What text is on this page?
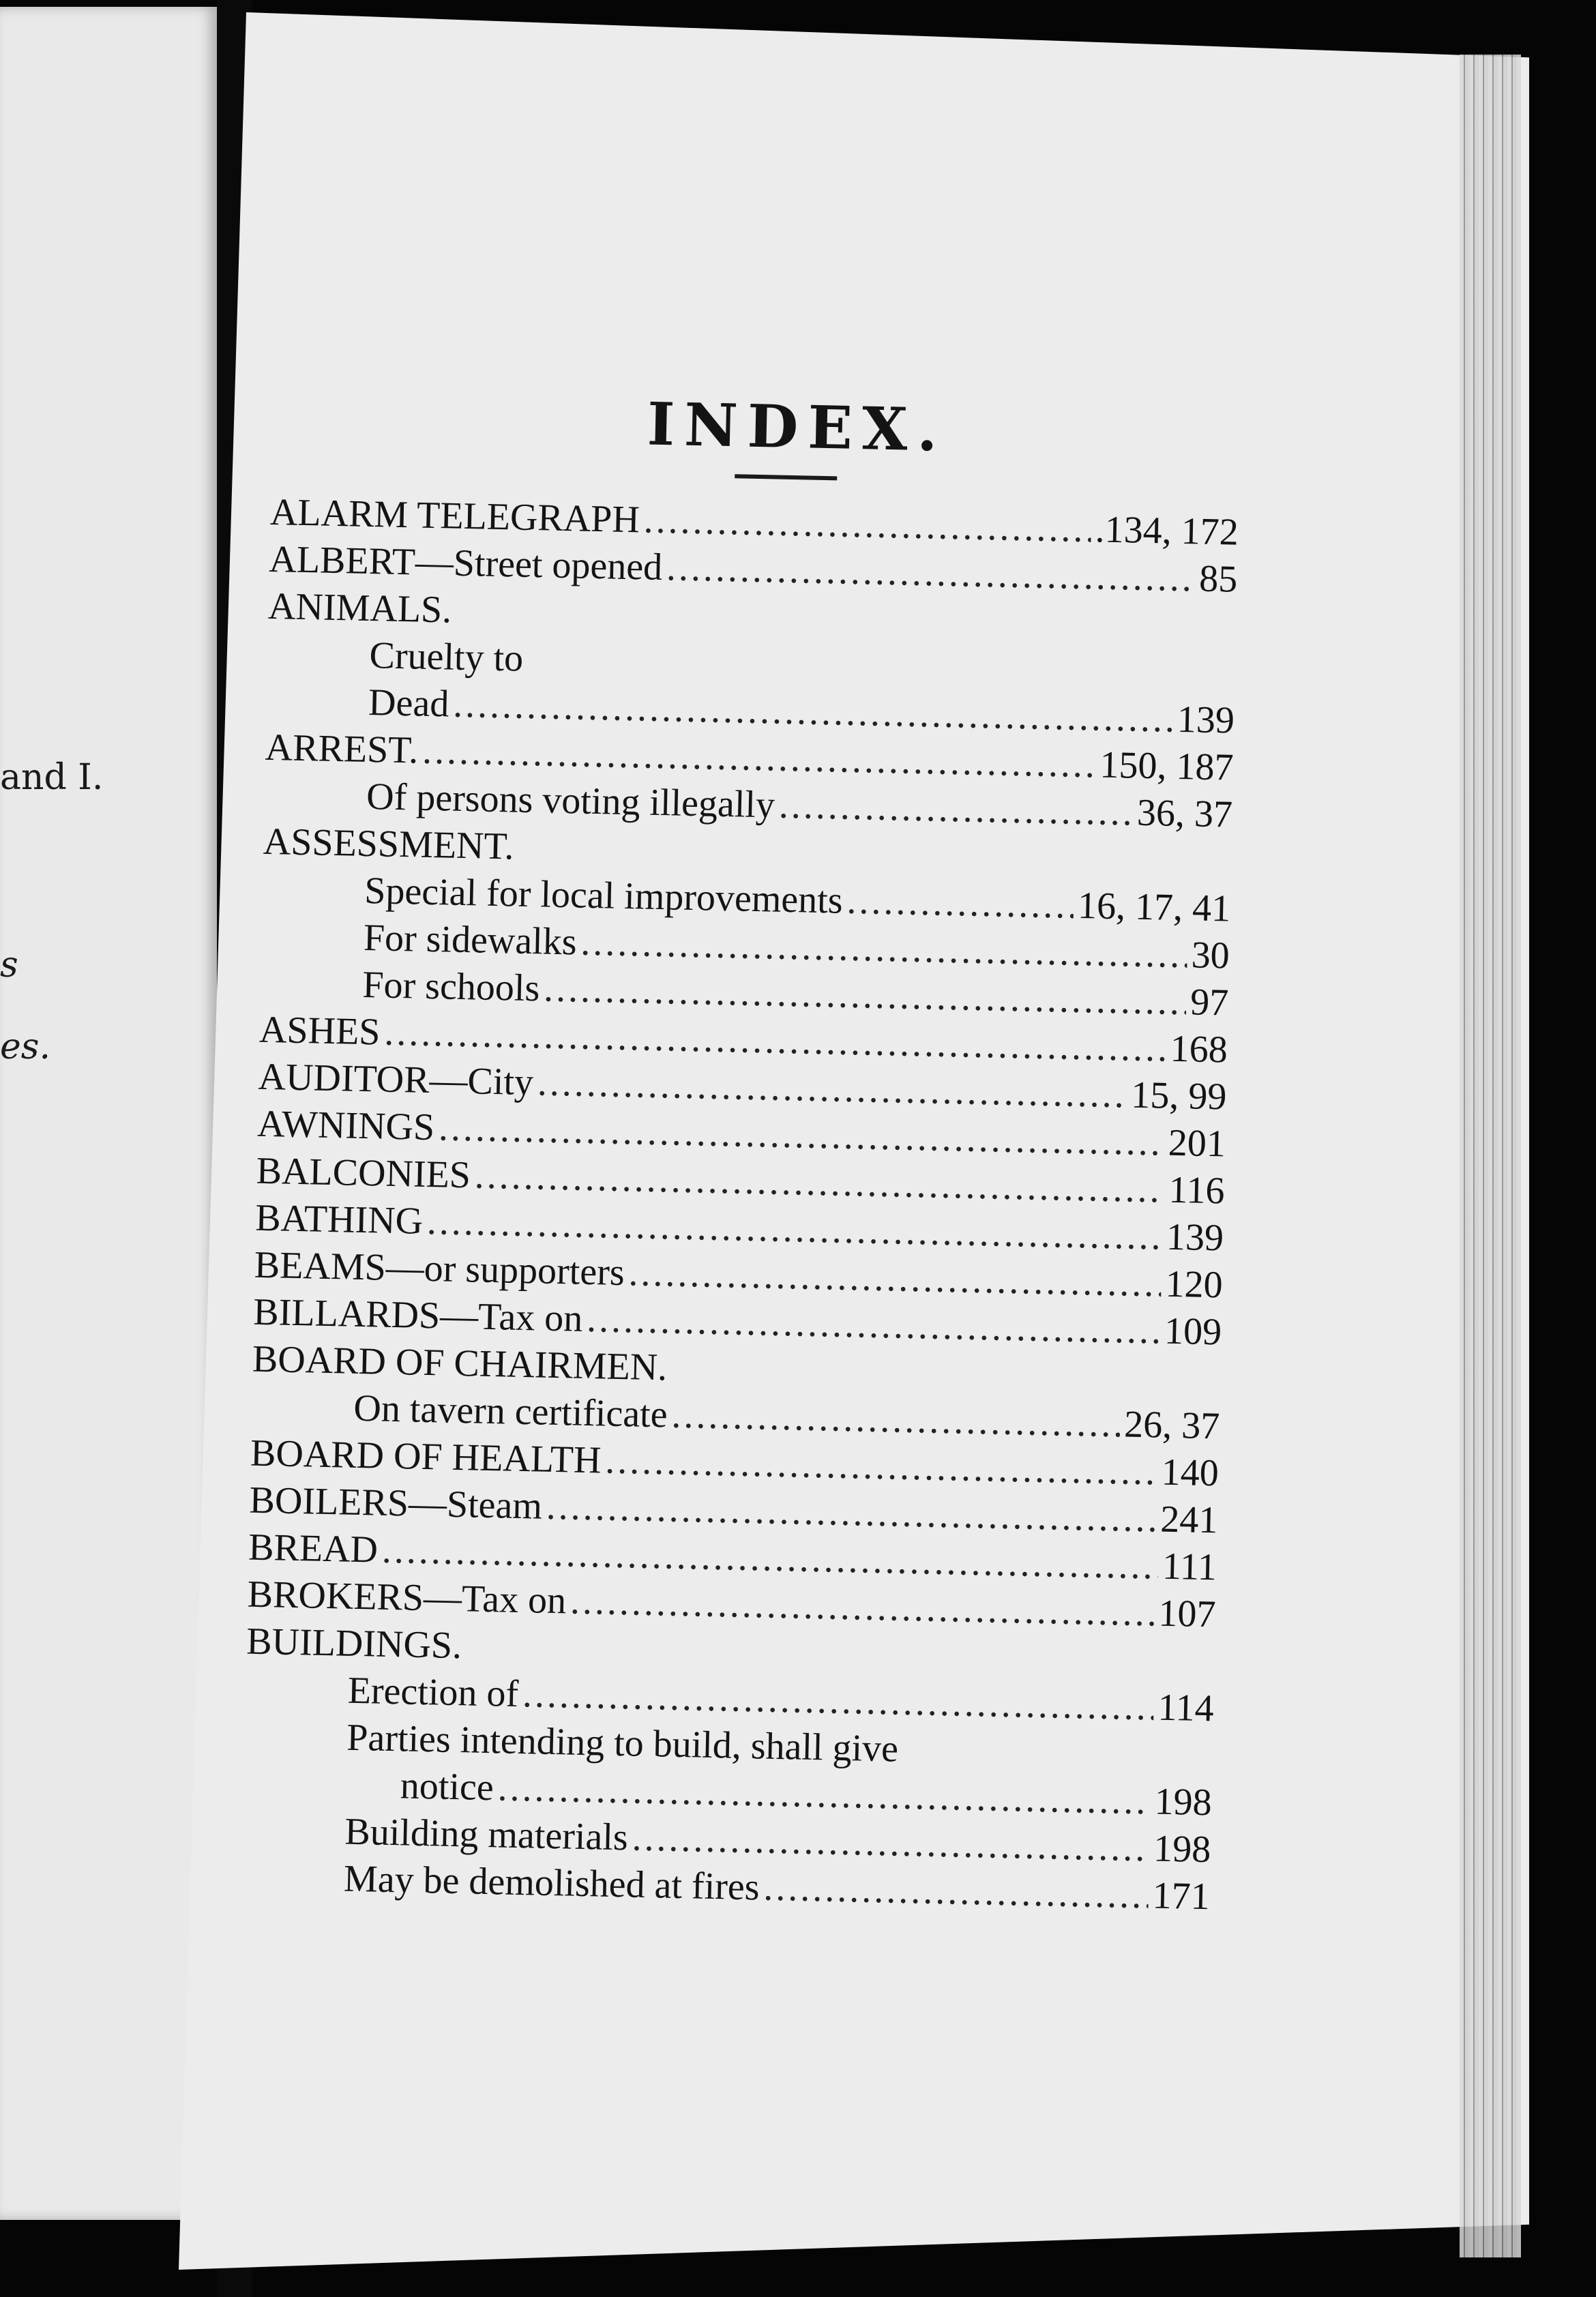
and I.
s
es.
INDEX.
ALARM TELEGRAPH .....	.134, 172
ALBERT—Street opened .....	85
ANIMALS.
Cruelty to
Dead .....	139
ARREST. .....	150, 187
Of persons voting illegally .....	36, 37
ASSESSMENT.
Special for local improvements .....	16, 17, 41
For sidewalks .....	30
For schools .....	97
ASHES .....	168
AUDITOR—City .....	15, 99
AWNINGS .....	201
BALCONIES .....	116
BATHING .....	139
BEAMS—or supporters .....	120
BILLARDS—Tax on .....	109
BOARD OF CHAIRMEN.
On tavern certificate .....	26, 37
BOARD OF HEALTH .....	140
BOILERS—Steam .....	241
BREAD .....	111
BROKERS—Tax on .....	107
BUILDINGS.
Erection of .....	114
Parties intending to build, shall give
notice .....	198
Building materials .....	198
May be demolished at fires .....	171
